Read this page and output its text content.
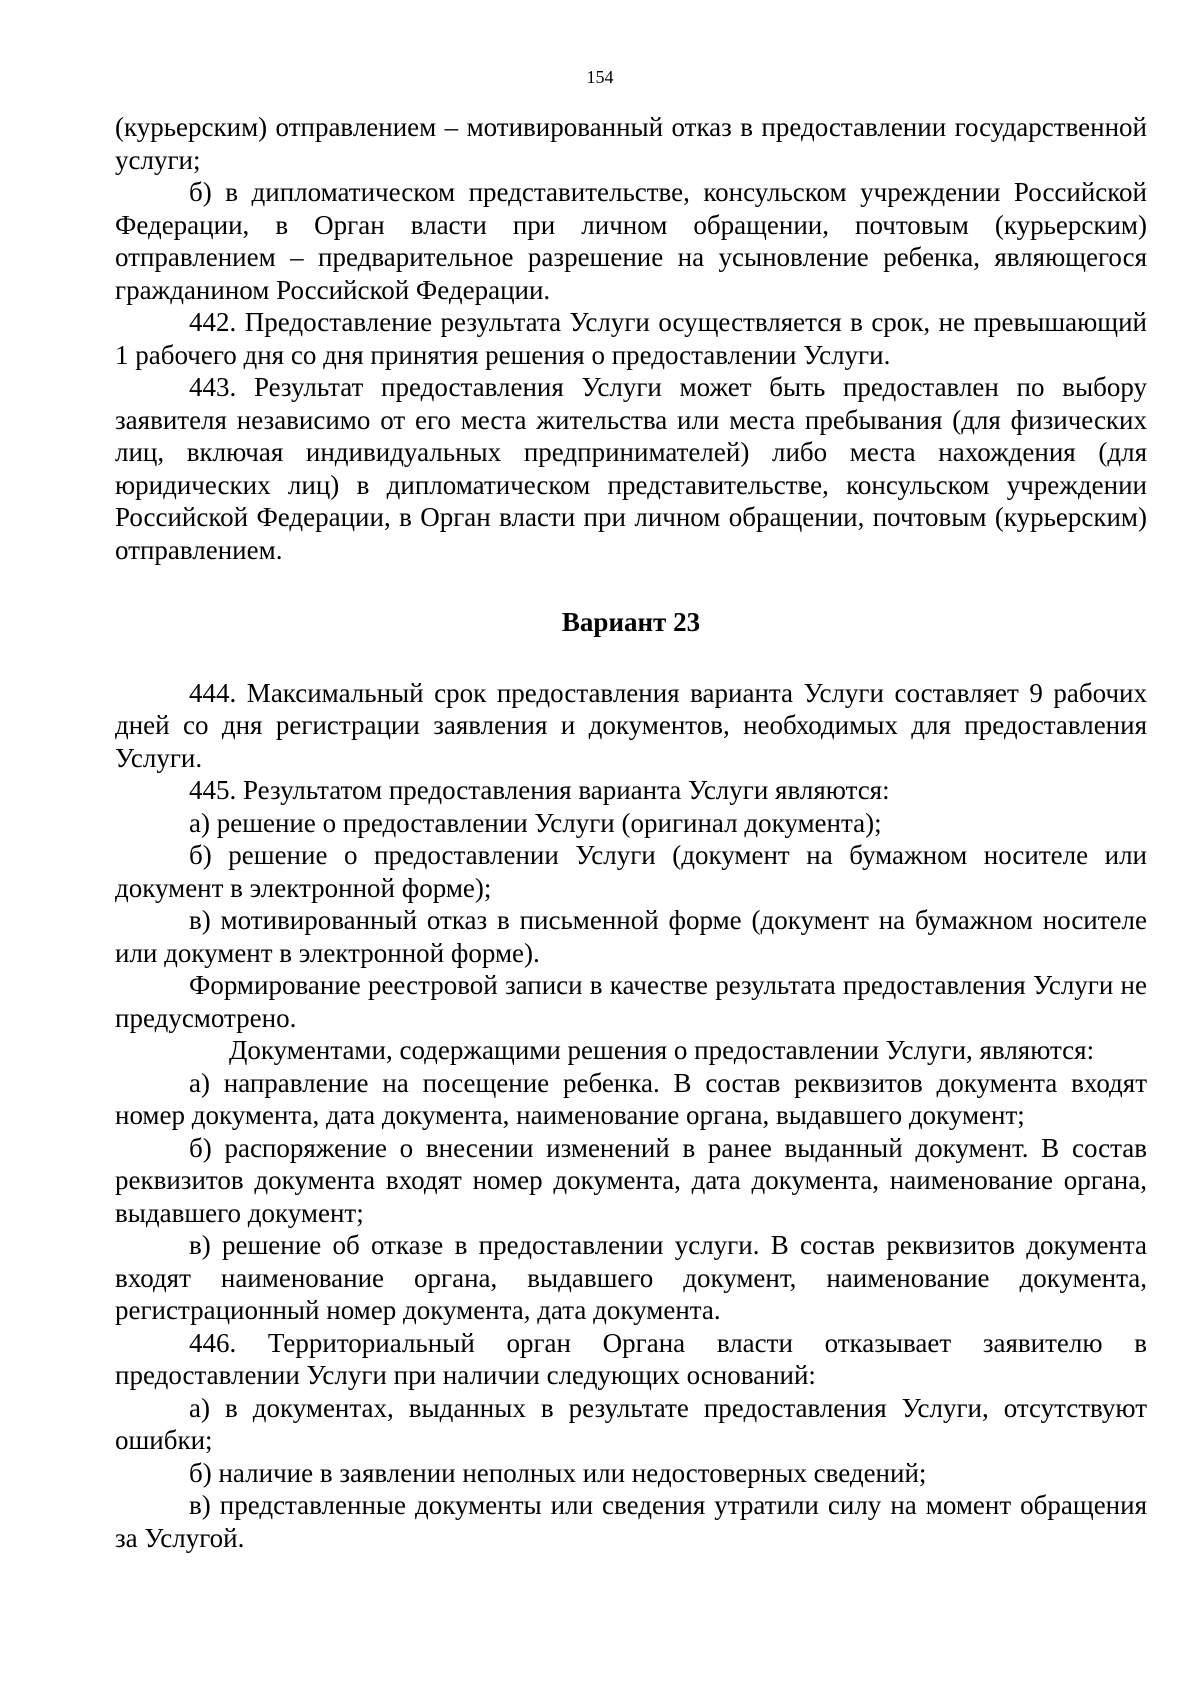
154

(курьерским) отправлением – мотивированный отказ в предоставлении государственной услуги;

б) в дипломатическом представительстве, консульском учреждении Российской Федерации, в Орган власти при личном обращении, почтовым (курьерским) отправлением – предварительное разрешение на усыновление ребенка, являющегося гражданином Российской Федерации.

442. Предоставление результата Услуги осуществляется в срок, не превышающий 1 рабочего дня со дня принятия решения о предоставлении Услуги.

443. Результат предоставления Услуги может быть предоставлен по выбору заявителя независимо от его места жительства или места пребывания (для физических лиц, включая индивидуальных предпринимателей) либо места нахождения (для юридических лиц) в дипломатическом представительстве, консульском учреждении Российской Федерации, в Орган власти при личном обращении, почтовым (курьерским) отправлением.

Вариант 23

444. Максимальный срок предоставления варианта Услуги составляет 9 рабочих дней со дня регистрации заявления и документов, необходимых для предоставления Услуги.

445. Результатом предоставления варианта Услуги являются:

а) решение о предоставлении Услуги (оригинал документа);

б) решение о предоставлении Услуги (документ на бумажном носителе или документ в электронной форме);

в) мотивированный отказ в письменной форме (документ на бумажном носителе или документ в электронной форме).

Формирование реестровой записи в качестве результата предоставления Услуги не предусмотрено.

Документами, содержащими решения о предоставлении Услуги, являются:

а) направление на посещение ребенка. В состав реквизитов документа входят номер документа, дата документа, наименование органа, выдавшего документ;

б) распоряжение о внесении изменений в ранее выданный документ. В состав реквизитов документа входят номер документа, дата документа, наименование органа, выдавшего документ;

в) решение об отказе в предоставлении услуги. В состав реквизитов документа входят наименование органа, выдавшего документ, наименование документа, регистрационный номер документа, дата документа.

446. Территориальный орган Органа власти отказывает заявителю в предоставлении Услуги при наличии следующих оснований:

а) в документах, выданных в результате предоставления Услуги, отсутствуют ошибки;

б) наличие в заявлении неполных или недостоверных сведений;

в) представленные документы или сведения утратили силу на момент обращения за Услугой.
